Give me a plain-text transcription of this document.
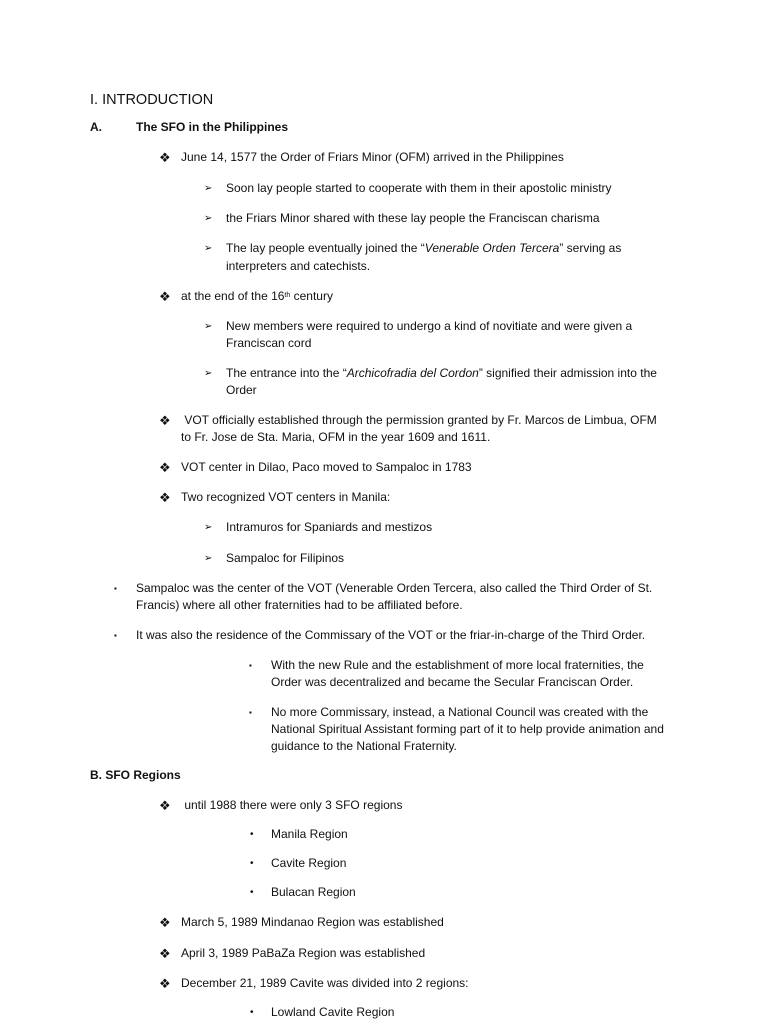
I. INTRODUCTION
A.	The SFO in the Philippines
❖ June 14, 1577 the Order of Friars Minor (OFM) arrived in the Philippines
➢ Soon lay people started to cooperate with them in their apostolic ministry
➢ the Friars Minor shared with these lay people the Franciscan charisma
➢ The lay people eventually joined the “Venerable Orden Tercera” serving as
interpreters and catechists.
❖ at the end of the 16th century
➢ New members were required to undergo a kind of novitiate and were given a
Franciscan cord
➢ The entrance into the “Archicofradia del Cordon” signified their admission into the
Order
❖ VOT officially established through the permission granted by Fr. Marcos de Limbua, OFM
to Fr. Jose de Sta. Maria, OFM in the year 1609 and 1611.
❖ VOT center in Dilao, Paco moved to Sampaloc in 1783
❖ Two recognized VOT centers in Manila:
➢ Intramuros for Spaniards and mestizos
➢ Sampaloc for Filipinos
▪ Sampaloc was the center of the VOT (Venerable Orden Tercera, also called the Third Order of St.
Francis) where all other fraternities had to be affiliated before.
▪ It was also the residence of the Commissary of the VOT or the friar-in-charge of the Third Order.
▪ With the new Rule and the establishment of more local fraternities, the
Order was decentralized and became the Secular Franciscan Order.
▪ No more Commissary, instead, a National Council was created with the
National Spiritual Assistant forming part of it to help provide animation and
guidance to the National Fraternity.
B. SFO Regions
❖ until 1988 there were only 3 SFO regions
• Manila Region
• Cavite Region
• Bulacan Region
❖ March 5, 1989 Mindanao Region was established
❖ April 3, 1989 PaBaZa Region was established
❖ December 21, 1989 Cavite was divided into 2 regions:
• Lowland Cavite Region
